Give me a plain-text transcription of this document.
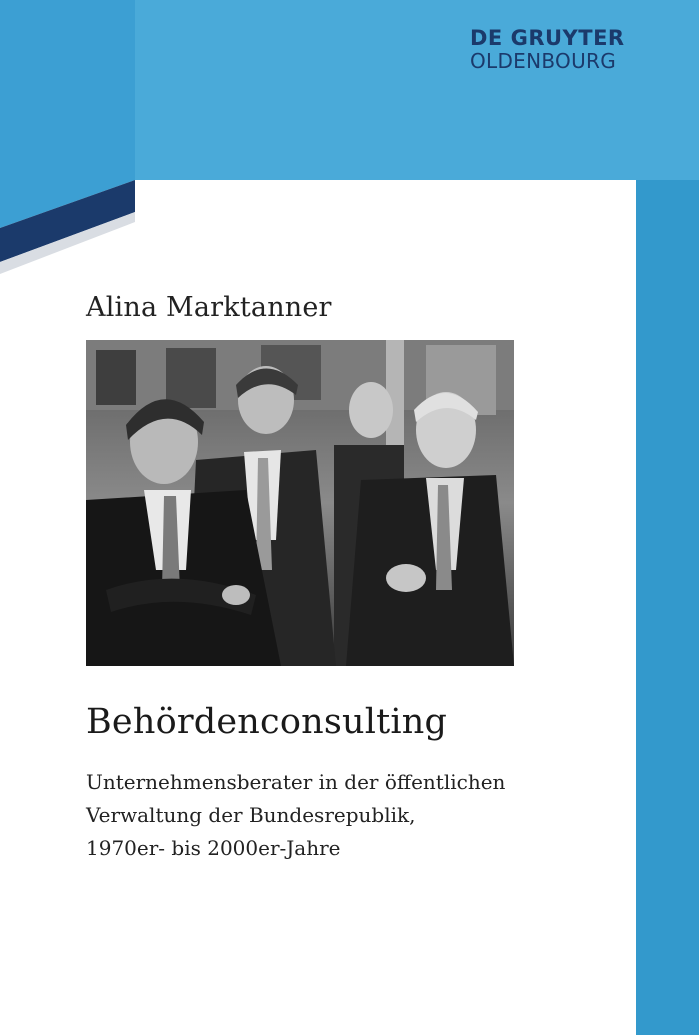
DE GRUYTER
OLDENBOURG
Alina Marktanner
Behördenconsulting
Unternehmensberater in der öffentlichen
Verwaltung der Bundesrepublik,
1970er- bis 2000er-Jahre
